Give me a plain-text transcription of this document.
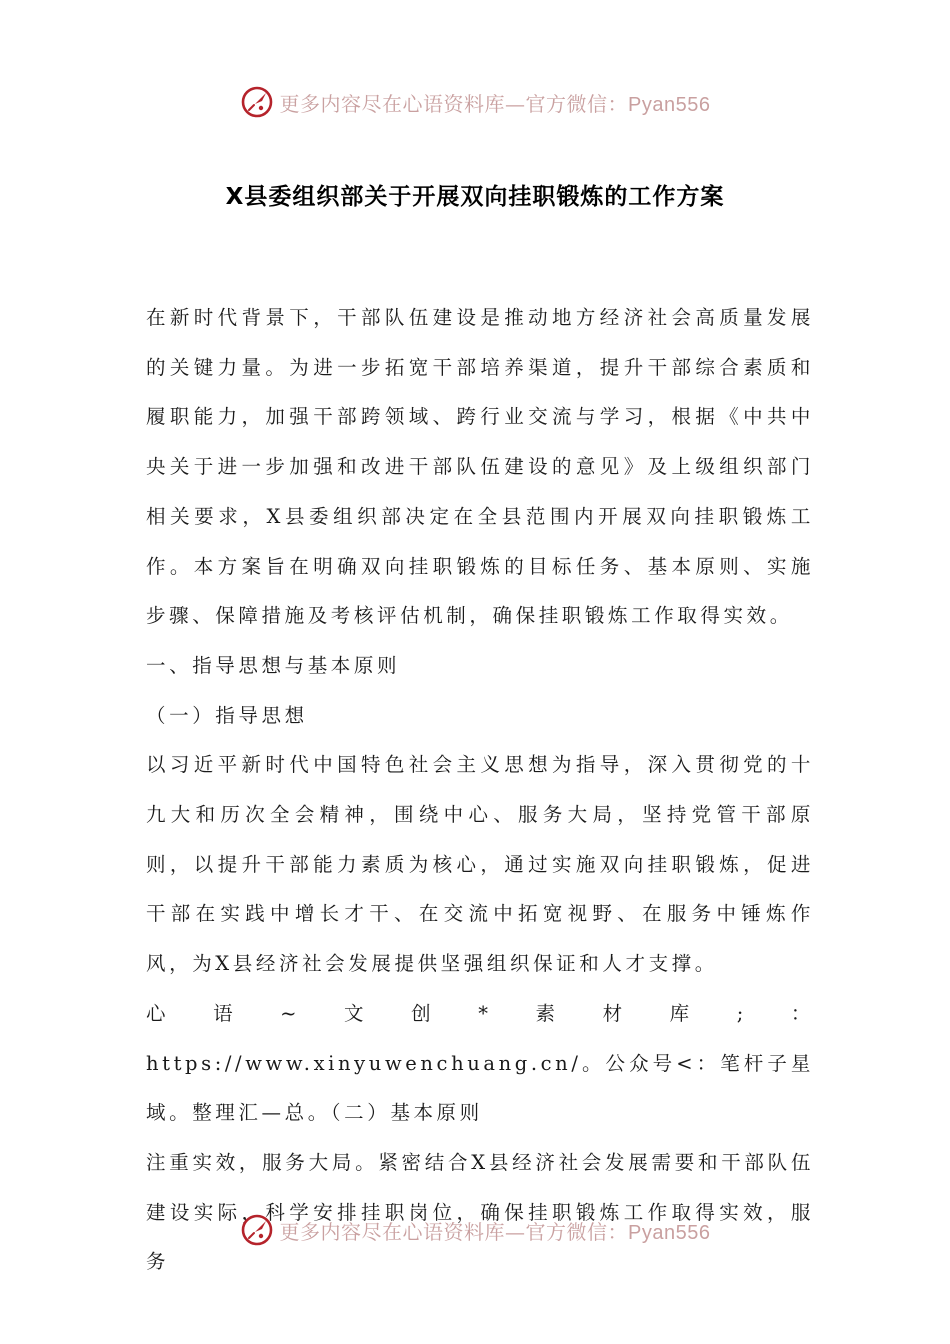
更多内容尽在心语资料库—官方微信：Pyan556
X县委组织部关于开展双向挂职锻炼的工作方案

在新时代背景下，干部队伍建设是推动地方经济社会高质量发展的关键力量。为进一步拓宽干部培养渠道，提升干部综合素质和履职能力，加强干部跨领域、跨行业交流与学习，根据《中共中央关于进一步加强和改进干部队伍建设的意见》及上级组织部门相关要求，X县委组织部决定在全县范围内开展双向挂职锻炼工作。本方案旨在明确双向挂职锻炼的目标任务、基本原则、实施步骤、保障措施及考核评估机制，确保挂职锻炼工作取得实效。

一、指导思想与基本原则

（一）指导思想

以习近平新时代中国特色社会主义思想为指导，深入贯彻党的十九大和历次全会精神，围绕中心、服务大局，坚持党管干部原则，以提升干部能力素质为核心，通过实施双向挂职锻炼，促进干部在实践中增长才干、在交流中拓宽视野、在服务中锤炼作风，为X县经济社会发展提供坚强组织保证和人才支撑。

心语~文创*素材库;：https://www.xinyuwenchuang.cn/。公众号<：笔杆子星域。整理汇—总。（二）基本原则

注重实效，服务大局。紧密结合X县经济社会发展需要和干部队伍建设实际，科学安排挂职岗位，确保挂职锻炼工作取得实效，服务

更多内容尽在心语资料库—官方微信：Pyan556
